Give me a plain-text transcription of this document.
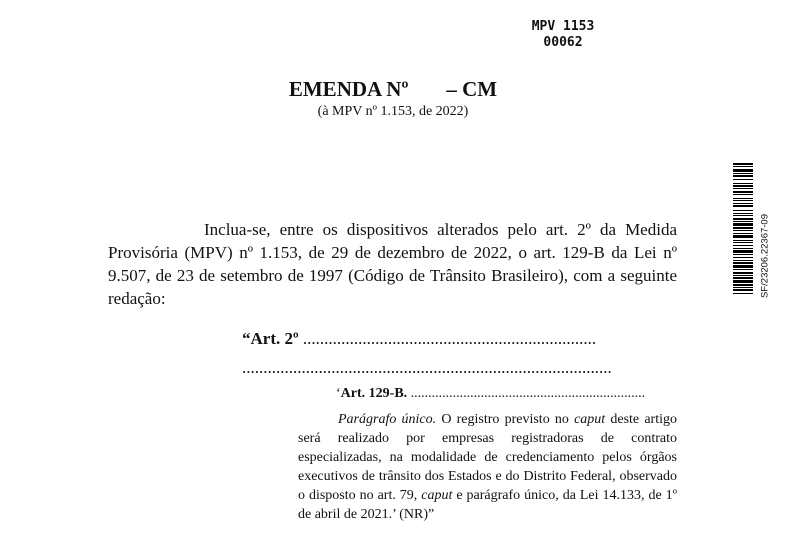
MPV 1153
00062
EMENDA Nº – CM
(à MPV nº 1.153, de 2022)
Inclua-se, entre os dispositivos alterados pelo art. 2º da Medida Provisória (MPV) nº 1.153, de 29 de dezembro de 2022, o art. 129-B da Lei nº 9.507, de 23 de setembro de 1997 (Código de Trânsito Brasileiro), com a seguinte redação:
“Art. 2º .....................................................................
.......................................................................................
‘Art. 129-B. ...................................................................
Parágrafo único. O registro previsto no caput deste artigo será realizado por empresas registradoras de contrato especializadas, na modalidade de credenciamento pelos órgãos executivos de trânsito dos Estados e do Distrito Federal, observado o disposto no art. 79, caput e parágrafo único, da Lei 14.133, de 1º de abril de 2021.’ (NR)”
SF/23206.22367-09
